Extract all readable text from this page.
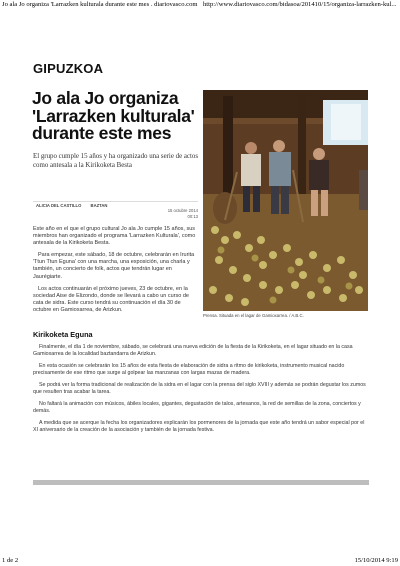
Jo ala Jo organiza 'Larrazken kulturala durante este mes . diariovasco.com http://www.diariovasco.com/bidasoa/201410/15/organiza-larrazken-kul...
GIPUZKOA
Jo ala Jo organiza
'Larrazken kulturala'
durante este mes
El grupo cumple 15 años y ha organizado una serie de actos como antesala a la Kirikoketa Besta
ALICIA DEL CASTILLO BAZTAN
15 octubre 2014
00:13

Este año en el que el grupo cultural Jo ala Jo cumple 15 años, sus miembros han organizado el programa 'Larrazken Kulturala', como antesala de la Kirikoketa Besta.

Para empezar, este sábado, 18 de octubre, celebrarán en Irurita 'Ttun Ttun Eguna' con una marcha, una exposición, una charla y también, un concierto de folk, actos que tendrán lugar en Jaurégiarte.

Los actos continuarán el próximo jueves, 23 de octubre, en la sociedad Aise de Elizondo, donde se llevará a cabo un curso de cata de sidra. Este curso tendrá su continuación el día 30 de octubre en Gamioxarrea, de Arizkun.

Prensa. Situada en el lagar de Gamioxarrea. / A.B.C.
Kirikoketa Eguna

Finalmente, el día 1 de noviembre, sábado, se celebrará una nueva edición de la fiesta de la Kirikoketa, en el lagar situado en la casa Gamioxarrea de la localidad baztandarra de Arizkun.

En esta ocasión se celebrarán los 15 años de esta fiesta de elaboración de sidra a ritmo de kirikoketa, instrumento musical nacido precisamente de ese ritmo que surge al golpear las manzanas con largas mazas de madera.

Se podrá ver la forma tradicional de realización de la sidra en el lagar con la prensa del siglo XVIII y además se podrán degustar los zumos que resulten tras acabar la tarea.

No faltará la animación con músicos, ábiles locales, gigantes, degustación de talos, artesanos, la red de semillas de la zona, conciertos y demás.

A medida que se acerque la fecha los organizadores explicarán los pormenores de la jornada que este año tendrá un sabor especial por el XI aniversario de la creación de la asociación y también de la jornada festiva.

1 de 2	15/10/2014 9:19
